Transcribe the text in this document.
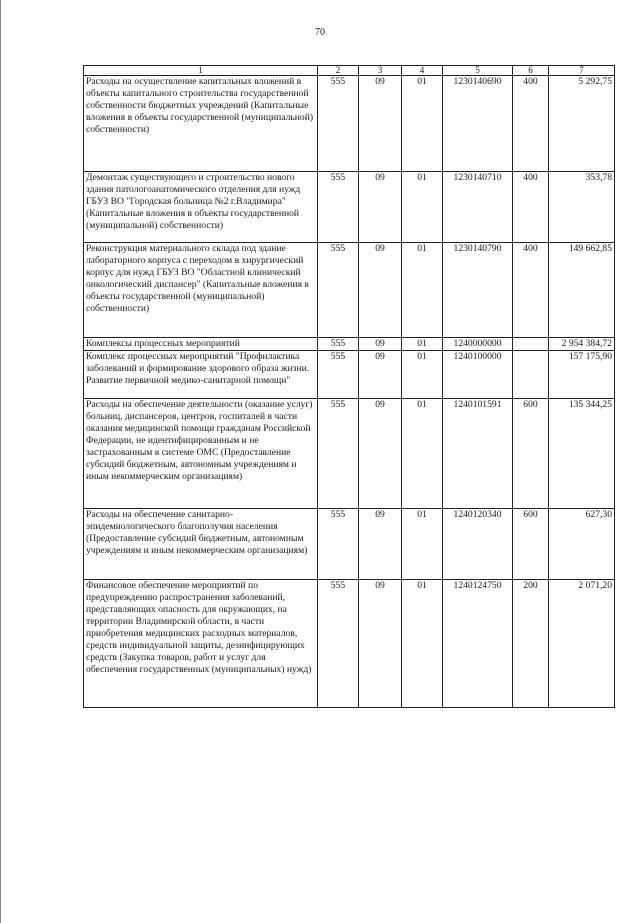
70
1	2	3	4	5	6	7
Расходы на осуществление капитальных вложений в объекты капитального строительства государственной собственности бюджетных учреждений (Капитальные вложения в объекты государственной (муниципальной) собственности)	555	09	01	1230140690	400	5 292,75
Демонтаж существующего и строительство нового здания патологоанатомического отделения для нужд ГБУЗ ВО "Городская больница №2 г.Владимира" (Капитальные вложения в объекты государственной (муниципальной) собственности)	555	09	01	1230140710	400	353,78
Реконструкция материального склада под здание лабораторного корпуса с переходом в хирургический корпус для нужд ГБУЗ ВО "Областной клинический онкологический диспансер" (Капитальные вложения в объекты государственной (муниципальной) собственности)	555	09	01	1230140790	400	149 662,85
Комплексы процессных мероприятий	555	09	01	1240000000		2 954 384,72
Комплекс процессных мероприятий "Профилактика заболеваний и формирование здорового образа жизни. Развитие первичной медико-санитарной помощи"	555	09	01	1240100000		157 175,90
Расходы на обеспечение деятельности (оказание услуг) больниц, диспансеров, центров, госпиталей в части оказания медицинской помощи гражданам Российской Федерации, не идентифицированным и не застрахованным в системе ОМС (Предоставление субсидий бюджетным, автономным учреждениям и иным некоммерческим организациям)	555	09	01	1240101591	600	135 344,25
Расходы на обеспечение санитарно-эпидемиологического благополучия населения (Предоставление субсидий бюджетным, автономным учреждениям и иным некоммерческим организациям)	555	09	01	1240120340	600	627,30
Финансовое обеспечение мероприятий по предупреждению распространения заболеваний, представляющих опасность для окружающих, на территории Владимирской области, в части приобретения медицинских расходных материалов, средств индивидуальной защиты, дезинфицирующих средств (Закупка товаров, работ и услуг для обеспечения государственных (муниципальных) нужд)	555	09	01	1240124750	200	2 071,20
